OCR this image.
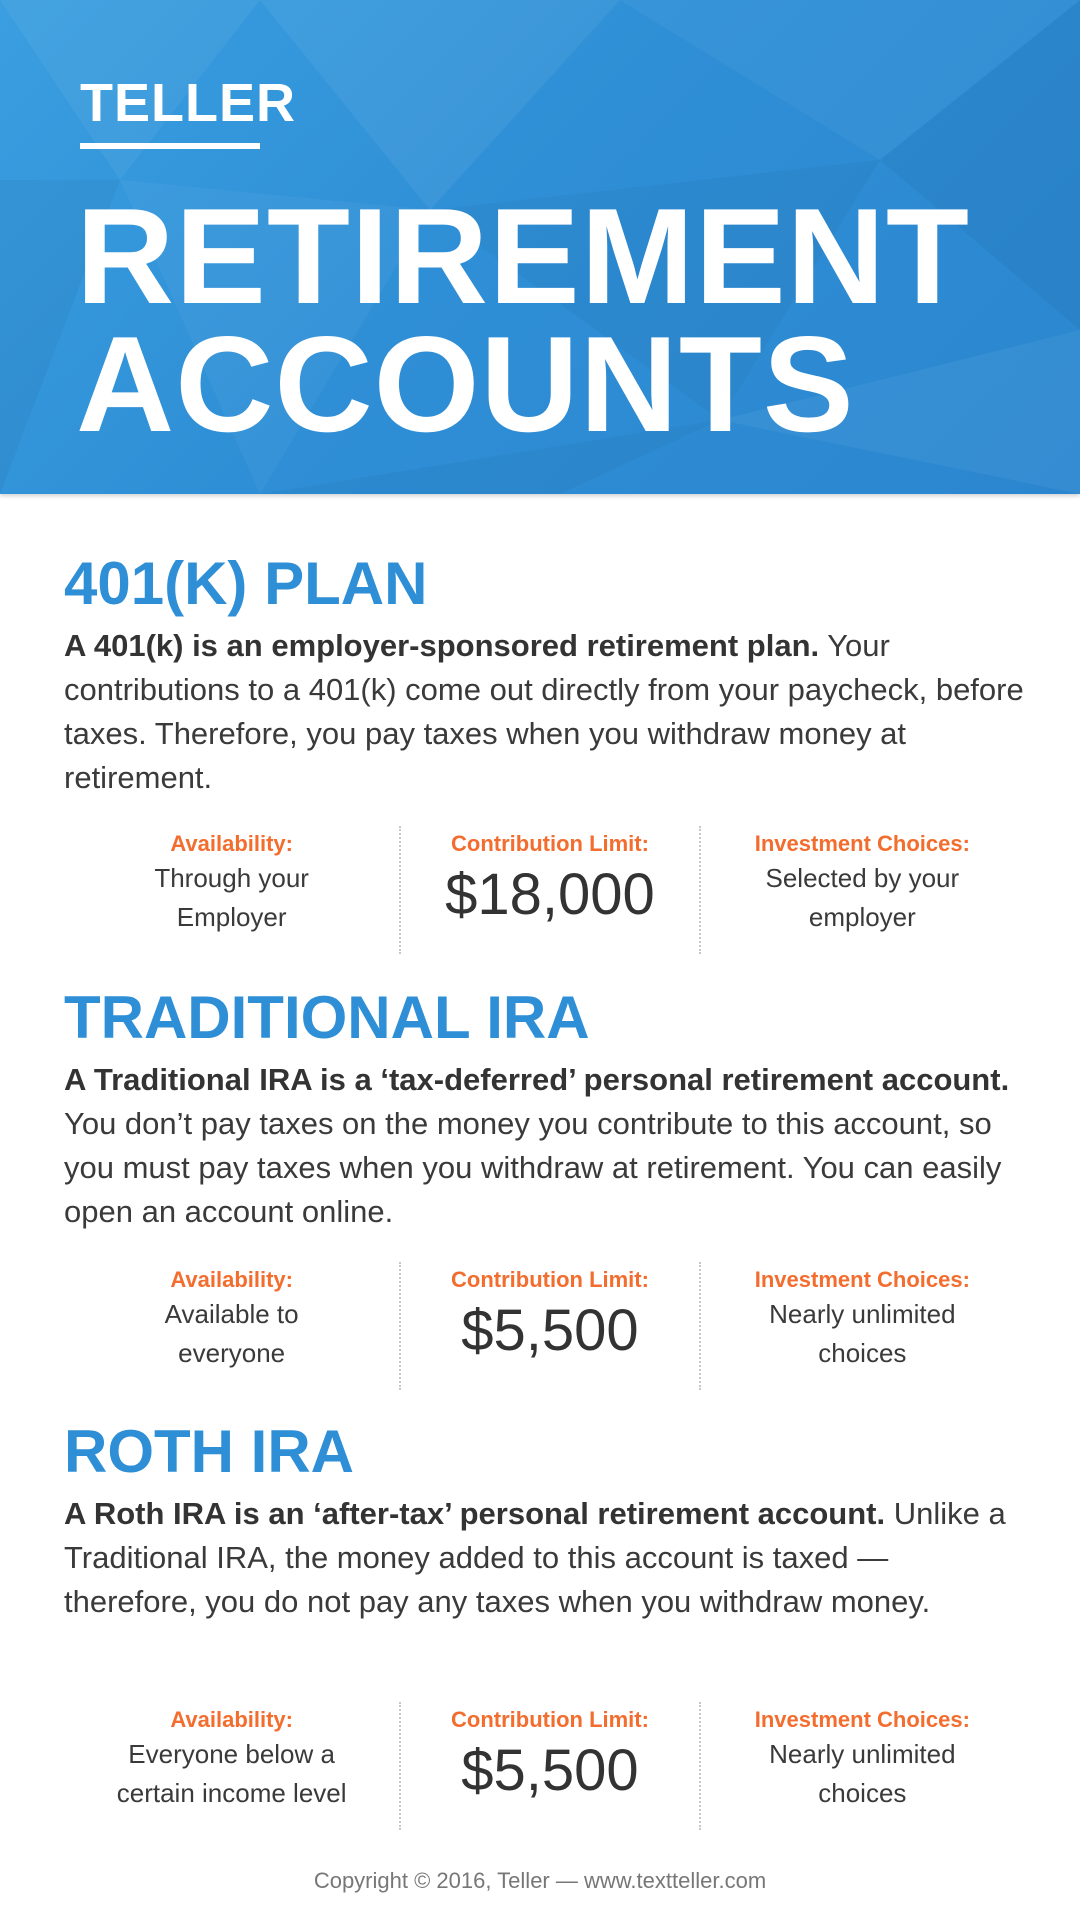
TELLER
RETIREMENT
ACCOUNTS
401(K) PLAN

A 401(k) is an employer-sponsored retirement plan. Your contributions to a 401(k) come out directly from your paycheck, before taxes. Therefore, you pay taxes when you withdraw money at retirement.

Availability:
Through your
Employer
Contribution Limit:
$18,000
Investment Choices:
Selected by your
employer
TRADITIONAL IRA

A Traditional IRA is a ‘tax-deferred’ personal retirement account. You don’t pay taxes on the money you contribute to this account, so you must pay taxes when you withdraw at retirement. You can easily open an account online.

Availability:
Available to
everyone
Contribution Limit:
$5,500
Investment Choices:
Nearly unlimited
choices
ROTH IRA

A Roth IRA is an ‘after-tax’ personal retirement account. Unlike a Traditional IRA, the money added to this account is taxed — therefore, you do not pay any taxes when you withdraw money.

Availability:
Everyone below a
certain income level
Contribution Limit:
$5,500
Investment Choices:
Nearly unlimited
choices
Copyright © 2016, Teller — www.textteller.com
